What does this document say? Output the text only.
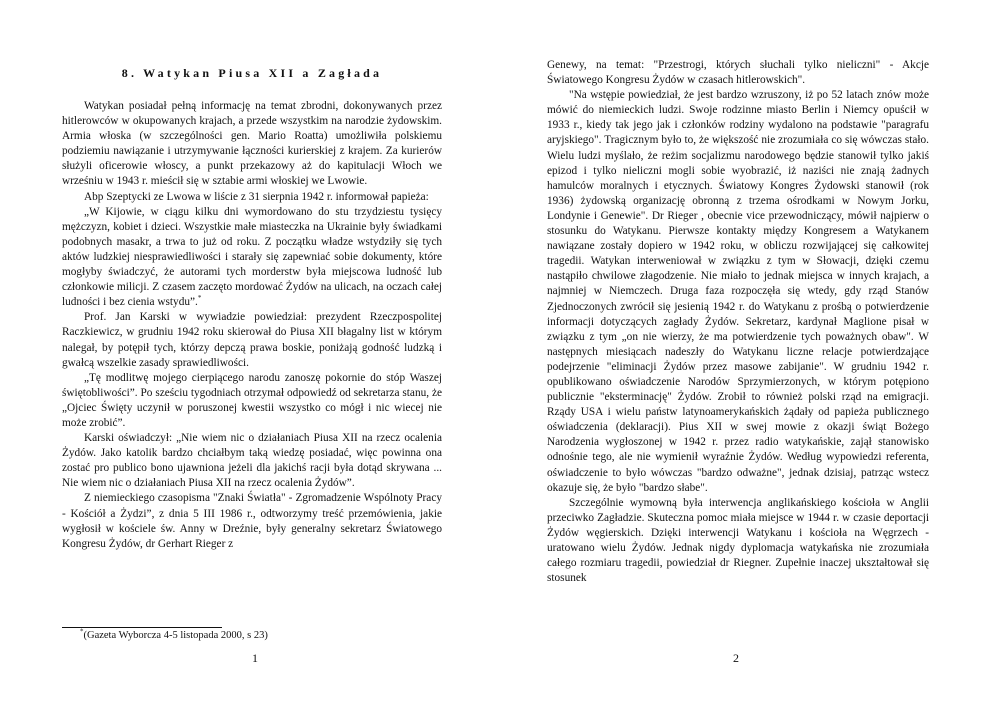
8. Watykan Piusa XII a Zagłada

Watykan posiadał pełną informację na temat zbrodni, dokonywanych przez hitlerowców w okupowanych krajach, a przede wszystkim na narodzie żydowskim. Armia włoska (w szczególności gen. Mario Roatta) umożliwiła polskiemu podziemiu nawiązanie i utrzymywanie łączności kurierskiej z krajem. Za kurierów służyli oficerowie włoscy, a punkt przekazowy aż do kapitulacji Włoch we wrześniu w 1943 r. mieścił się w sztabie armi włoskiej we Lwowie.

Abp Szeptycki ze Lwowa w liście z 31 sierpnia 1942 r. informował papieża:

„W Kijowie, w ciągu kilku dni wymordowano do stu trzydziestu tysięcy mężczyzn, kobiet i dzieci. Wszystkie małe miasteczka na Ukrainie były świadkami podobnych masakr, a trwa to już od roku. Z początku władze wstydziły się tych aktów ludzkiej niesprawiedliwości i starały się zapewniać sobie dokumenty, które mogłyby świadczyć, że autorami tych morderstw była miejscowa ludność lub członkowie milicji. Z czasem zaczęto mordować Żydów na ulicach, na oczach całej ludności i bez cienia wstydu”.*

Prof. Jan Karski w wywiadzie powiedział: prezydent Rzeczpospolitej Raczkiewicz, w grudniu 1942 roku skierował do Piusa XII błagalny list w którym nalegał, by potępił tych, którzy depczą prawa boskie, poniżają godność ludzką i gwałcą wszelkie zasady sprawiedliwości.

„Tę modlitwę mojego cierpiącego narodu zanoszę pokornie do stóp Waszej świętobliwości”. Po sześciu tygodniach otrzymał odpowiedź od sekretarza stanu, że „Ojciec Święty uczynił w poruszonej kwestii wszystko co mógł i nic wiecej nie może zrobić”.

Karski oświadczył: „Nie wiem nic o działaniach Piusa XII na rzecz ocalenia Żydów. Jako katolik bardzo chciałbym taką wiedzę posiadać, więc powinna ona zostać pro publico bono ujawniona jeżeli dla jakichś racji była dotąd skrywana ... Nie wiem nic o działaniach Piusa XII na rzecz ocalenia Żydów”.

Z niemieckiego czasopisma "Znaki Światła" - Zgromadzenie Wspólnoty Pracy - Kościół a Żydzi”, z dnia 5 III 1986 r., odtworzymy treść przemówienia, jakie wygłosił w kościele św. Anny w Dreźnie, były generalny sekretarz Światowego Kongresu Żydów, dr Gerhart Rieger z

*(Gazeta Wyborcza 4-5 listopada 2000, s 23)
1

Genewy, na temat: "Przestrogi, których słuchali tylko nieliczni" - Akcje Światowego Kongresu Żydów w czasach hitlerowskich".

"Na wstępie powiedział, że jest bardzo wzruszony, iż po 52 latach znów może mówić do niemieckich ludzi. Swoje rodzinne miasto Berlin i Niemcy opuścił w 1933 r., kiedy tak jego jak i członków rodziny wydalono na podstawie "paragrafu aryjskiego". Tragicznym było to, że większość nie zrozumiała co się wówczas stało. Wielu ludzi myślało, że reżim socjalizmu narodowego będzie stanowił tylko jakiś epizod i tylko nieliczni mogli sobie wyobrazić, iż naziści nie znają żadnych hamulców moralnych i etycznych. Światowy Kongres Żydowski stanowił (rok 1936) żydowską organizację obronną z trzema ośrodkami w Nowym Jorku, Londynie i Genewie". Dr Rieger , obecnie vice przewodniczący, mówił najpierw o stosunku do Watykanu. Pierwsze kontakty między Kongresem a Watykanem nawiązane zostały dopiero w 1942 roku, w obliczu rozwijającej się całkowitej tragedii. Watykan interweniował w związku z tym w Słowacji, dzięki czemu nastąpiło chwilowe złagodzenie. Nie miało to jednak miejsca w innych krajach, a najmniej w Niemczech. Druga faza rozpoczęła się wtedy, gdy rząd Stanów Zjednoczonych zwrócił się jesienią 1942 r. do Watykanu z prośbą o potwierdzenie informacji dotyczących zagłady Żydów. Sekretarz, kardynał Maglione pisał w związku z tym „on nie wierzy, że ma potwierdzenie tych poważnych obaw". W następnych miesiącach nadeszły do Watykanu liczne relacje potwierdzające podejrzenie "eliminacji Żydów przez masowe zabijanie". W grudniu 1942 r. opublikowano oświadczenie Narodów Sprzymierzonych, w którym potępiono publicznie "eksterminację" Żydów. Zrobił to również polski rząd na emigracji. Rządy USA i wielu państw latynoamerykańskich żądały od papieża publicznego oświadczenia (deklaracji). Pius XII w swej mowie z okazji świąt Bożego Narodzenia wygłoszonej w 1942 r. przez radio watykańskie, zajął stanowisko odnośnie tego, ale nie wymienił wyraźnie Żydów. Według wypowiedzi referenta, oświadczenie to było wówczas "bardzo odważne", jednak dzisiaj, patrząc wstecz okazuje się, że było "bardzo słabe".

Szczególnie wymowną była interwencja anglikańskiego kościoła w Anglii przeciwko Zagładzie. Skuteczna pomoc miała miejsce w 1944 r. w czasie deportacji Żydów węgierskich. Dzięki interwencji Watykanu i kościoła na Węgrzech - uratowano wielu Żydów. Jednak nigdy dyplomacja watykańska nie zrozumiała całego rozmiaru tragedii, powiedział dr Riegner. Zupełnie inaczej ukształtował się stosunek

2
